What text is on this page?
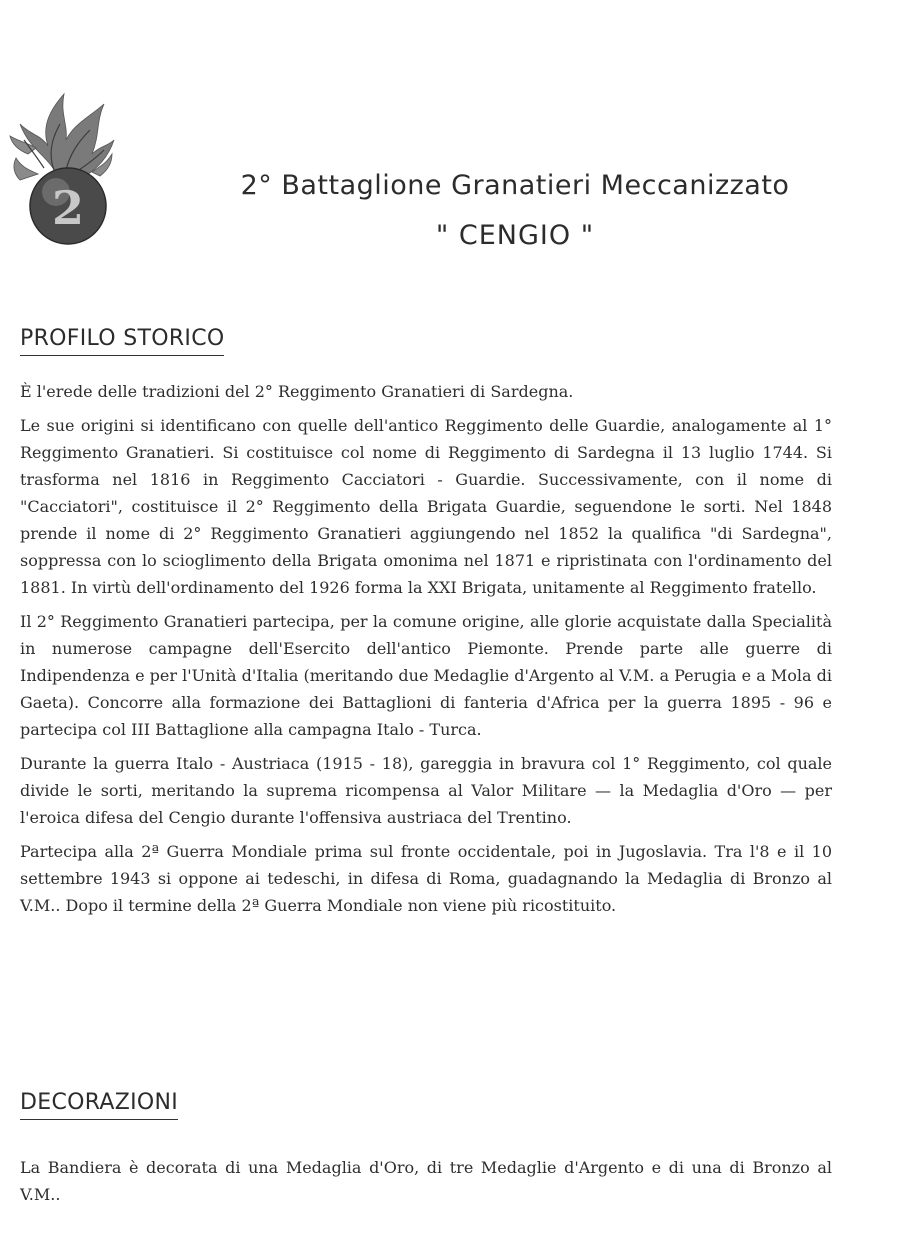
2	2° Battaglione Granatieri Meccanizzato
" CENGIO "
PROFILO STORICO

È l'erede delle tradizioni del 2° Reggimento Granatieri di Sardegna.

Le sue origini si identificano con quelle dell'antico Reggimento delle Guardie, analogamente al 1° Reggimento Granatieri. Si costituisce col nome di Reggimento di Sardegna il 13 luglio 1744. Si trasforma nel 1816 in Reggimento Cacciatori - Guardie. Successivamente, con il nome di "Cacciatori", costituisce il 2° Reggimento della Brigata Guardie, seguendone le sorti. Nel 1848 prende il nome di 2° Reggimento Granatieri aggiungendo nel 1852 la qualifica "di Sardegna", soppressa con lo scioglimento della Brigata omonima nel 1871 e ripristinata con l'ordinamento del 1881. In virtù dell'ordinamento del 1926 forma la XXI Brigata, unitamente al Reggimento fratello.

Il 2° Reggimento Granatieri partecipa, per la comune origine, alle glorie acquistate dalla Specialità in numerose campagne dell'Esercito dell'antico Piemonte. Prende parte alle guerre di Indipendenza e per l'Unità d'Italia (meritando due Medaglie d'Argento al V.M. a Perugia e a Mola di Gaeta). Concorre alla formazione dei Battaglioni di fanteria d'Africa per la guerra 1895 - 96 e partecipa col III Battaglione alla campagna Italo - Turca.

Durante la guerra Italo - Austriaca (1915 - 18), gareggia in bravura col 1° Reggimento, col quale divide le sorti, meritando la suprema ricompensa al Valor Militare — la Medaglia d'Oro — per l'eroica difesa del Cengio durante l'offensiva austriaca del Trentino.

Partecipa alla 2ª Guerra Mondiale prima sul fronte occidentale, poi in Jugoslavia. Tra l'8 e il 10 settembre 1943 si oppone ai tedeschi, in difesa di Roma, guadagnando la Medaglia di Bronzo al V.M.. Dopo il termine della 2ª Guerra Mondiale non viene più ricostituito.

DECORAZIONI

La Bandiera è decorata di una Medaglia d'Oro, di tre Medaglie d'Argento e di una di Bronzo al V.M..
